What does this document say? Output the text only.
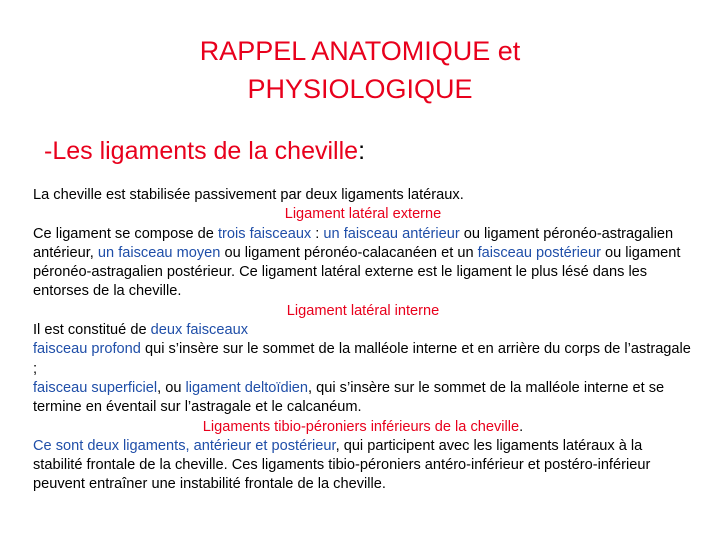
RAPPEL ANATOMIQUE et
PHYSIOLOGIQUE
-Les ligaments de la cheville:

La cheville est stabilisée passivement par deux ligaments latéraux.

Ligament latéral externe

Ce ligament se compose de trois faisceaux : un faisceau antérieur ou ligament péronéo-astragalien antérieur, un faisceau moyen ou ligament péronéo-calacanéen et un faisceau postérieur ou ligament péronéo-astragalien postérieur. Ce ligament latéral externe est le ligament le plus lésé dans les entorses de la cheville.

Ligament latéral interne

Il est constitué de deux faisceaux

faisceau profond qui s’insère sur le sommet de la malléole interne et en arrière du corps de l’astragale ;

faisceau superficiel, ou ligament deltoïdien, qui s’insère sur le sommet de la malléole interne et se termine en éventail sur l’astragale et le calcanéum.

Ligaments tibio-péroniers inférieurs de la cheville.

Ce sont deux ligaments, antérieur et postérieur, qui participent avec les ligaments latéraux à la stabilité frontale de la cheville. Ces ligaments tibio-péroniers antéro-inférieur et postéro-inférieur peuvent entraîner une instabilité frontale de la cheville.
